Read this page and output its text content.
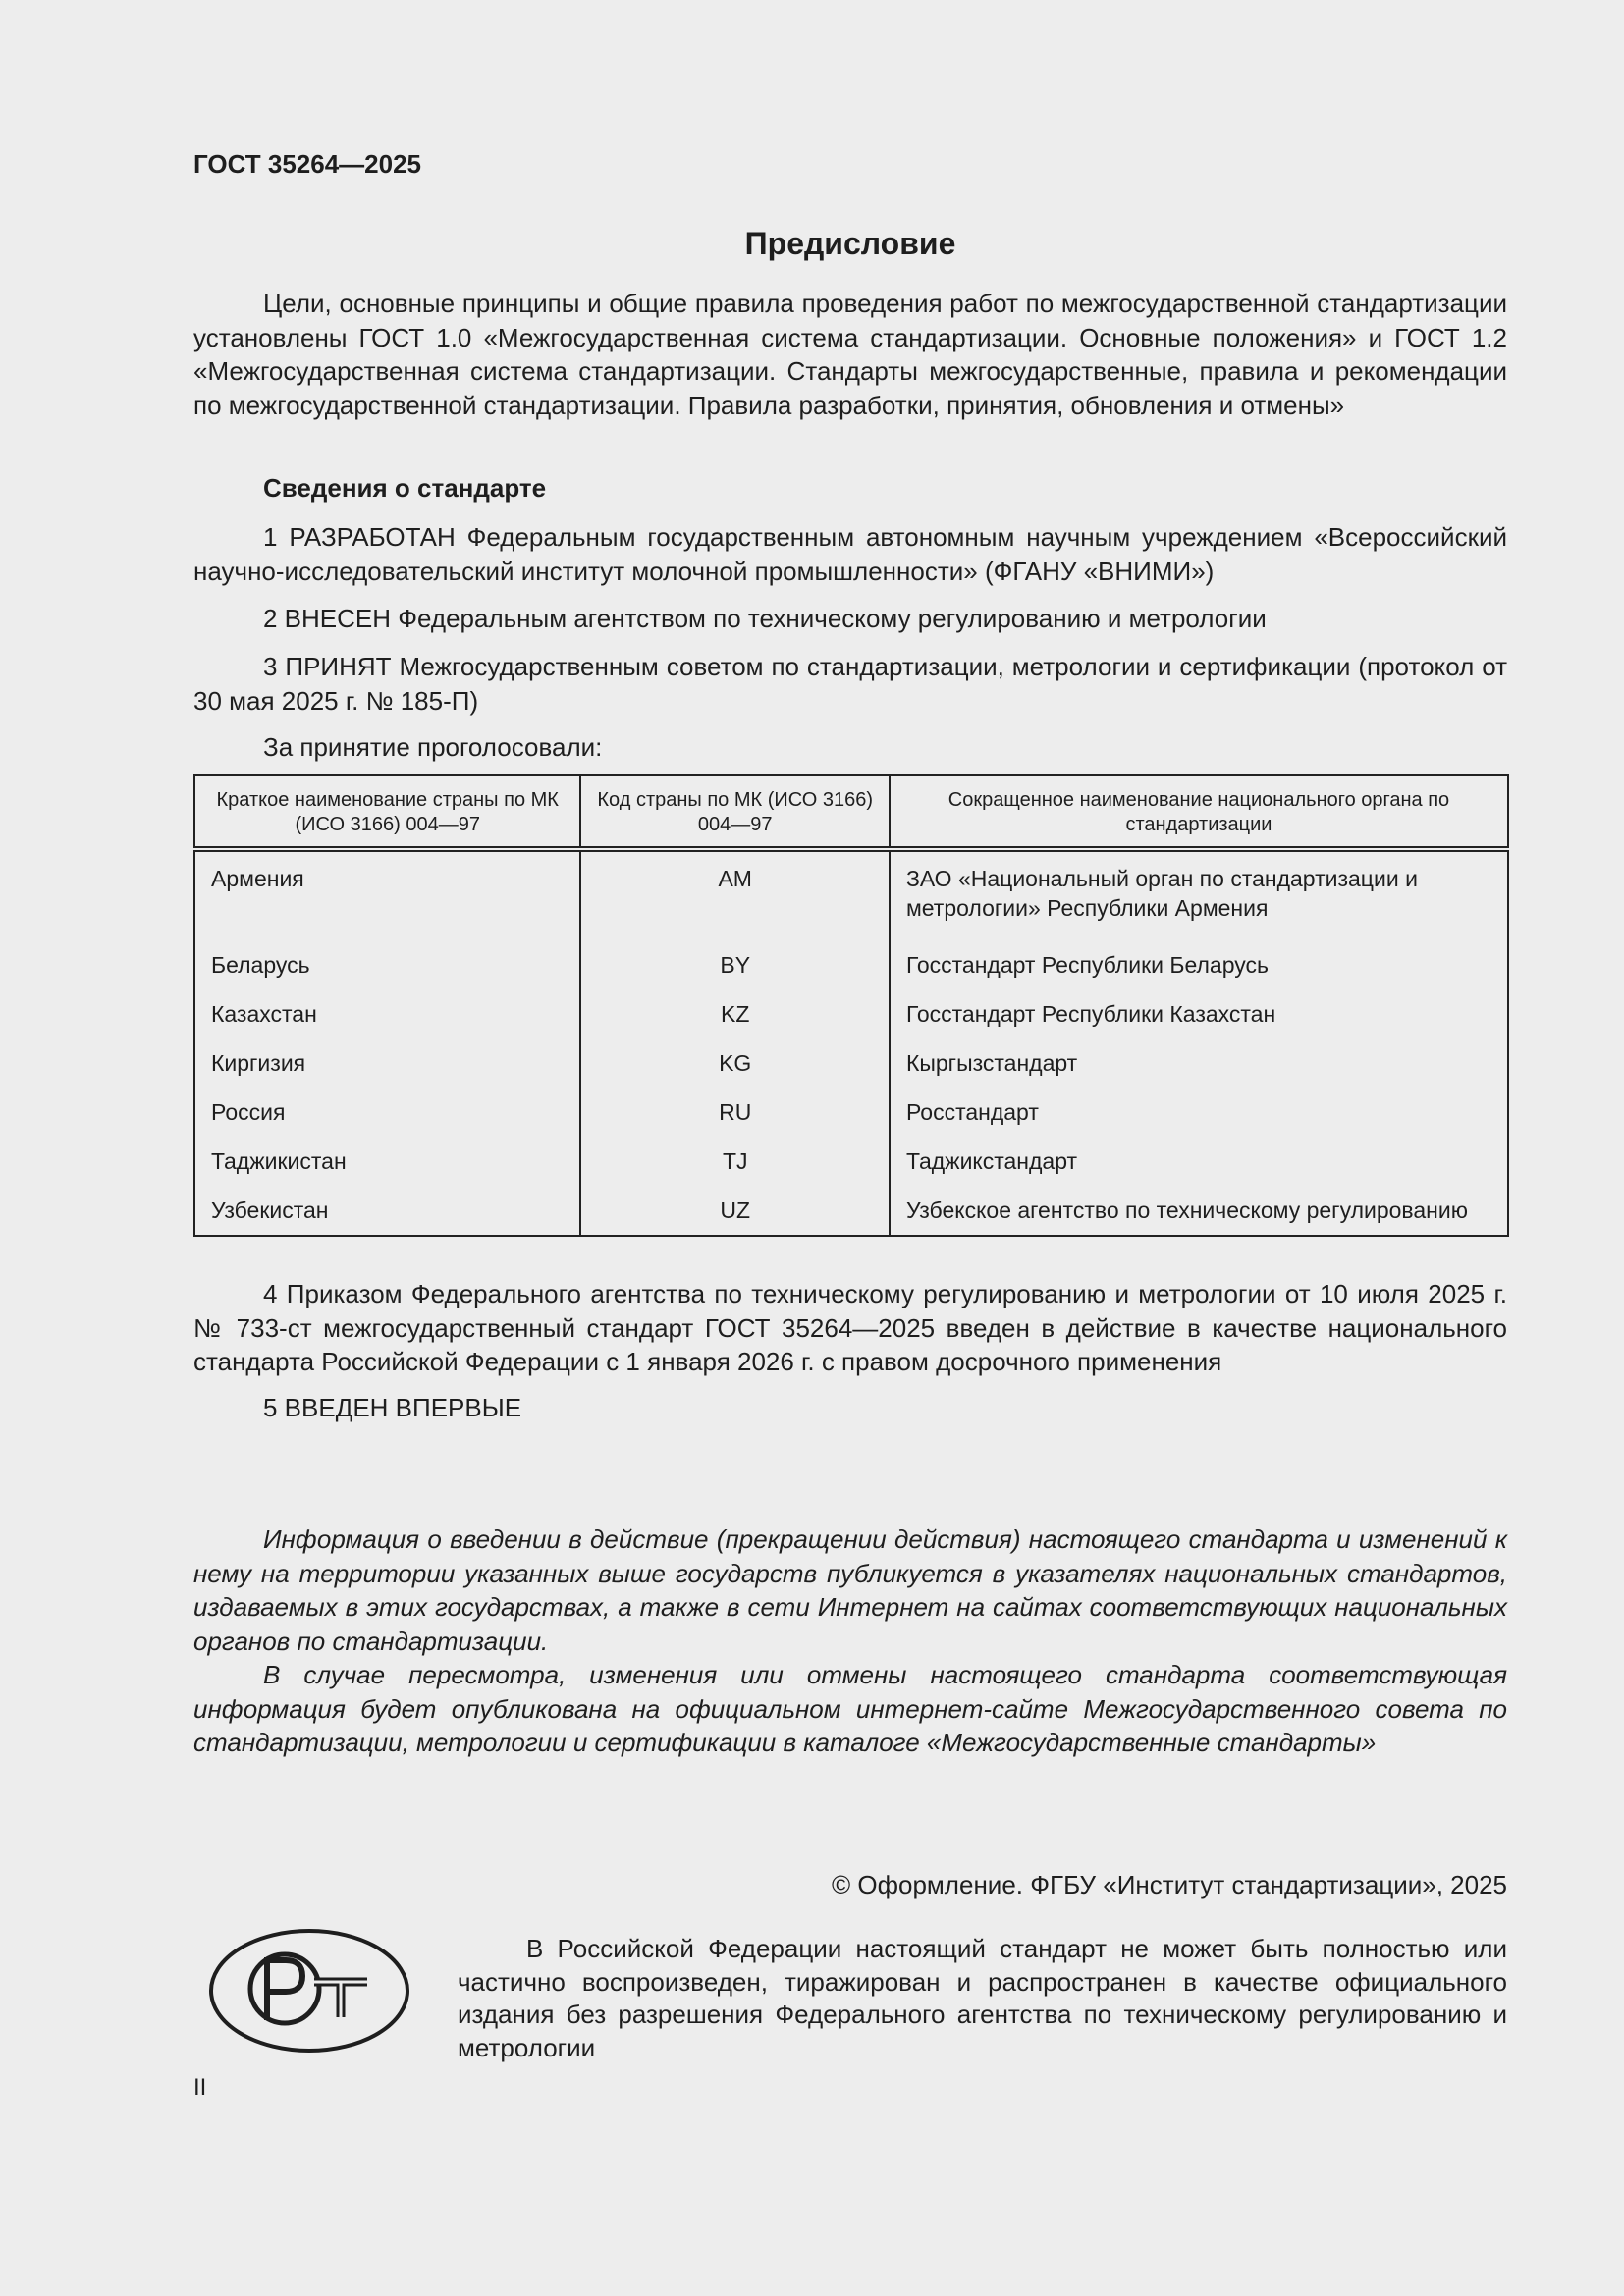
ГОСТ 35264—2025
Предисловие

Цели, основные принципы и общие правила проведения работ по межгосударственной стандартизации установлены ГОСТ 1.0 «Межгосударственная система стандартизации. Основные положения» и ГОСТ 1.2 «Межгосударственная система стандартизации. Стандарты межгосударственные, правила и рекомендации по межгосударственной стандартизации. Правила разработки, принятия, обновления и отмены»

Сведения о стандарте

1 РАЗРАБОТАН Федеральным государственным автономным научным учреждением «Всероссийский научно-исследовательский институт молочной промышленности» (ФГАНУ «ВНИМИ»)

2 ВНЕСЕН Федеральным агентством по техническому регулированию и метрологии

3 ПРИНЯТ Межгосударственным советом по стандартизации, метрологии и сертификации (протокол от 30 мая 2025 г. № 185-П)

За принятие проголосовали:

Краткое наименование страны по МК (ИСО 3166) 004—97	Код страны по МК (ИСО 3166) 004—97	Сокращенное наименование национального органа по стандартизации
Армения	AM	ЗАО «Национальный орган по стандартизации и метрологии» Республики Армения
Беларусь	BY	Госстандарт Республики Беларусь
Казахстан	KZ	Госстандарт Республики Казахстан
Киргизия	KG	Кыргызстандарт
Россия	RU	Росстандарт
Таджикистан	TJ	Таджикстандарт
Узбекистан	UZ	Узбекское агентство по техническому регулированию

4 Приказом Федерального агентства по техническому регулированию и метрологии от 10 июля 2025 г. № 733-ст межгосударственный стандарт ГОСТ 35264—2025 введен в действие в качестве национального стандарта Российской Федерации с 1 января 2026 г. с правом досрочного применения

5 ВВЕДЕН ВПЕРВЫЕ

Информация о введении в действие (прекращении действия) настоящего стандарта и изменений к нему на территории указанных выше государств публикуется в указателях национальных стандартов, издаваемых в этих государствах, а также в сети Интернет на сайтах соответствующих национальных органов по стандартизации.

В случае пересмотра, изменения или отмены настоящего стандарта соответствующая информация будет опубликована на официальном интернет-сайте Межгосударственного совета по стандартизации, метрологии и сертификации в каталоге «Межгосударственные стандарты»

© Оформление. ФГБУ «Институт стандартизации», 2025

В Российской Федерации настоящий стандарт не может быть полностью или частично воспроизведен, тиражирован и распространен в качестве официального издания без разрешения Федерального агентства по техническому регулированию и метрологии

II
